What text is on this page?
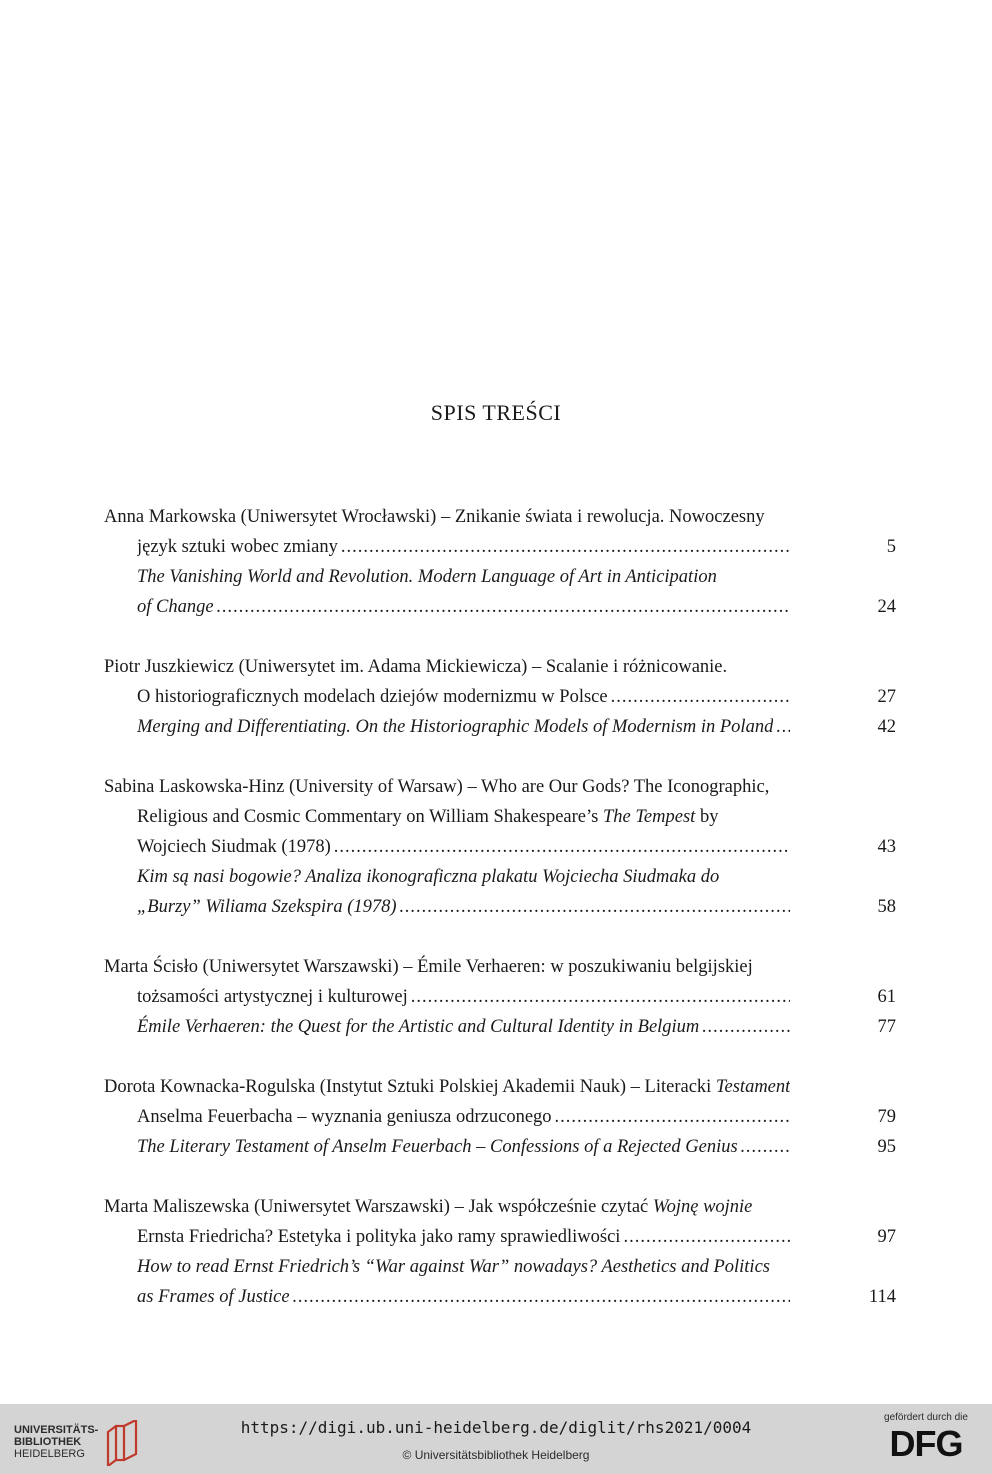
SPIS TREŚCI
Anna Markowska (Uniwersytet Wrocławski) – Znikanie świata i rewolucja. Nowoczesny
język sztuki wobec zmiany .....	5
The Vanishing World and Revolution. Modern Language of Art in Anticipation
of Change .....	24
Piotr Juszkiewicz (Uniwersytet im. Adama Mickiewicza) – Scalanie i różnicowanie.
O historiograficznych modelach dziejów modernizmu w Polsce .....	27
Merging and Differentiating. On the Historiographic Models of Modernism in Poland .....	42
Sabina Laskowska-Hinz (University of Warsaw) – Who are Our Gods? The Iconographic,
Religious and Cosmic Commentary on William Shakespeare’s The Tempest by
Wojciech Siudmak (1978) .....	43
Kim są nasi bogowie? Analiza ikonograficzna plakatu Wojciecha Siudmaka do
„Burzy” Wiliama Szekspira (1978) .....	58
Marta Ścisło (Uniwersytet Warszawski) – Émile Verhaeren: w poszukiwaniu belgijskiej
tożsamości artystycznej i kulturowej .....	61
Émile Verhaeren: the Quest for the Artistic and Cultural Identity in Belgium .....	77
Dorota Kownacka-Rogulska (Instytut Sztuki Polskiej Akademii Nauk) – Literacki Testament
Anselma Feuerbacha – wyznania geniusza odrzuconego .....	79
The Literary Testament of Anselm Feuerbach – Confessions of a Rejected Genius .....	95
Marta Maliszewska (Uniwersytet Warszawski) – Jak współcześnie czytać Wojnę wojnie
Ernsta Friedricha? Estetyka i polityka jako ramy sprawiedliwości .....	97
How to read Ernst Friedrich’s “War against War” nowadays? Aesthetics and Politics
as Frames of Justice .....	114
UNIVERSITÄTS-
BIBLIOTHEK
HEIDELBERG
https://digi.ub.uni-heidelberg.de/diglit/rhs2021/0004
© Universitätsbibliothek Heidelberg
gefördert durch die
DFG
